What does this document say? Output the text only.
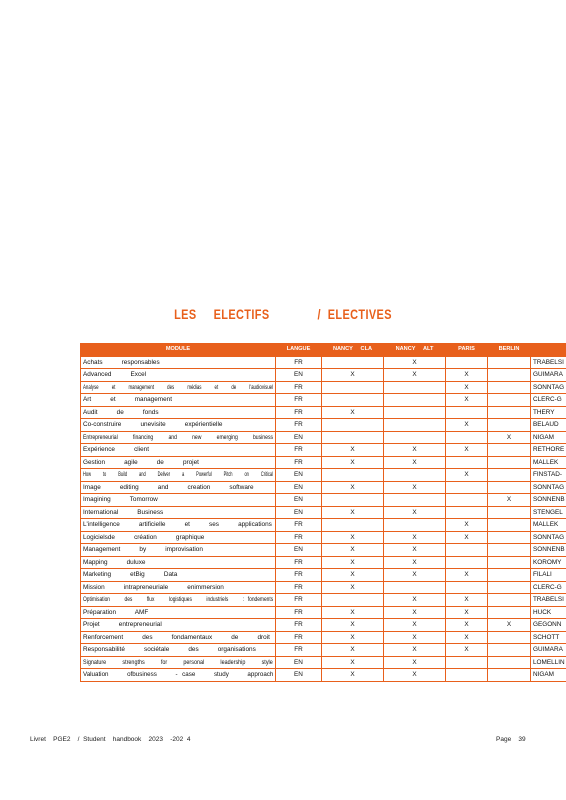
LES     ELECTIFS              /  ELECTIVES
MODULE	LANGUE	NANCY     CLA	NANCY     ALT	PARIS	BERLIN	
Achats    responsables	FR		X			TRABELSI
Advanced    Excel	EN	X	X	X		GUIMARA
Analyse    et    management    des    médias    et    de    l'audiovisuel	FR			X		SONNTAG
Art    et    management	FR			X		CLERC-G
Audit    de    fonds	FR	X				THERY
Co-construire    unevisite    expérientielle	FR			X		BELAUD
Entrepreneurial    financing    and    new    emerging    business	EN				X	NIGAM
Expérience    client	FR	X	X	X		RETHORE
Gestion    agile    de    projet	FR	X	X			MALLEK
How    to    Build    and    Deliver    a    Powerful    Pitch    on    Critical	EN			X		FINSTAD-
Image    editing    and    creation    software	EN	X	X			SONNTAG
Imagining    Tomorrow	EN				X	SONNENB
International    Business	EN	X	X			STENGEL
L'intelligence    artificielle    et    ses    applications	FR			X		MALLEK
Logicielsde    création    graphique	FR	X	X	X		SONNTAG
Management    by    improvisation	EN	X	X			SONNENB
Mapping    duluxe	FR	X	X			KOROMY
Marketing    etBig    Data	FR	X	X	X		FILALI
Mission    intrapreneuriale    enimmersion	FR	X				CLERC-G
Optimisation    des    flux    logistiques    industriels    : fondements	FR		X	X		TRABELSI
Préparation    AMF	FR	X	X	X		HUCK
Projet    entrepreneurial	FR	X	X	X	X	GEGONN
Renforcement    des    fondamentaux    de    droit	FR	X	X	X		SCHOTT
Responsabilité    sociétale    des    organisations	FR	X	X	X		GUIMARA
Signature    strengths    for    personal    leadership    style	EN	X	X			LOMELLIN
Valuation    ofbusiness    - case    study    approach	EN	X	X			NIGAM
Livret    PGE2    /  Student    handbook    2023    -202  4	Page    39
